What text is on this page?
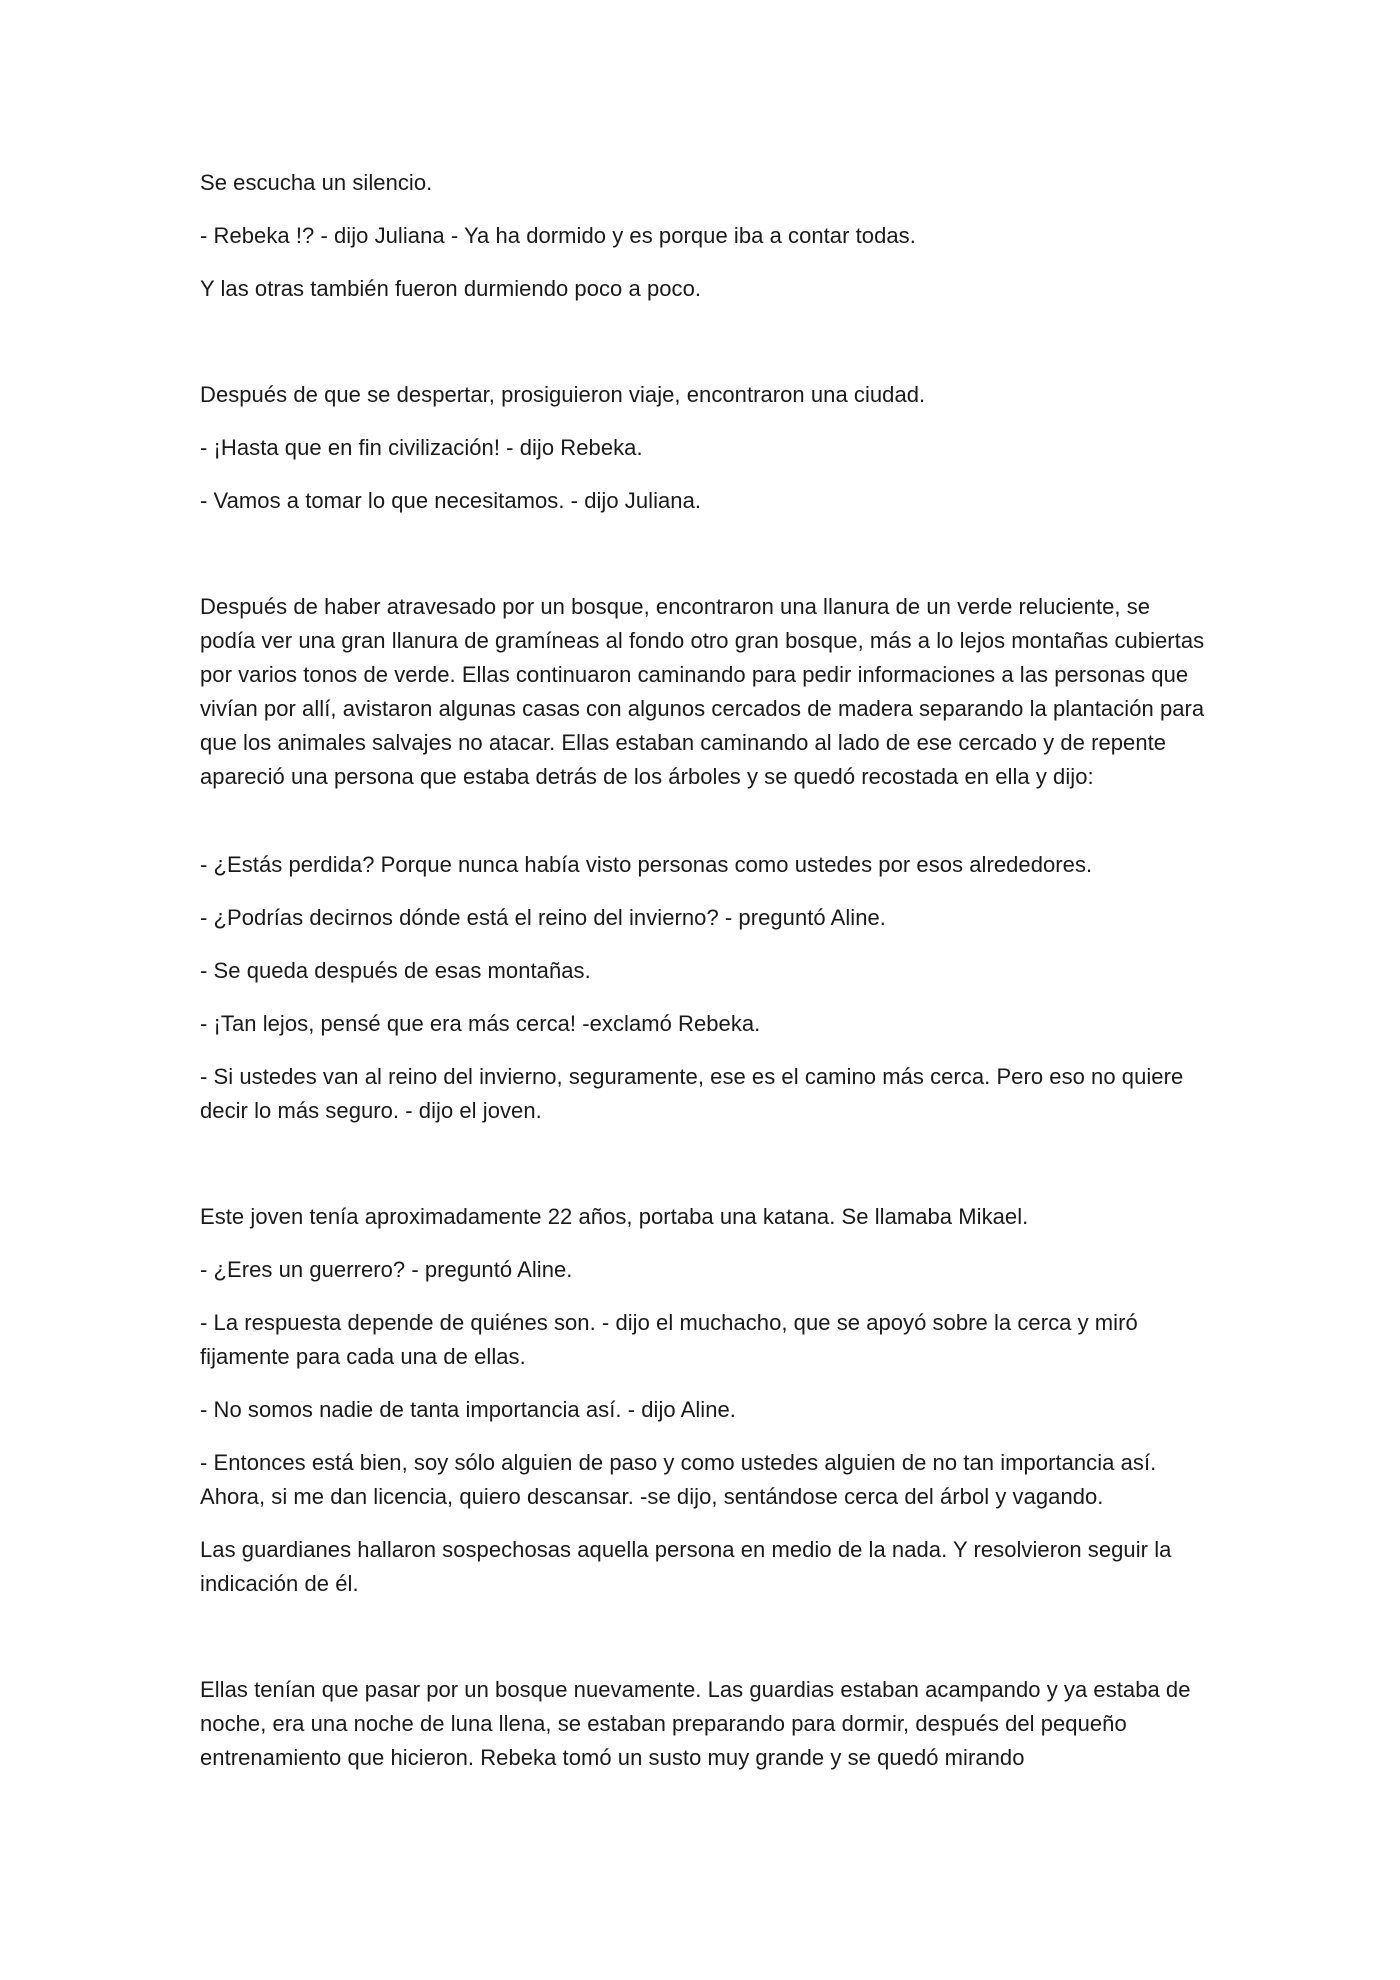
Se escucha un silencio.

- Rebeka !? - dijo Juliana - Ya ha dormido y es porque iba a contar todas.

Y las otras también fueron durmiendo poco a poco.

Después de que se despertar, prosiguieron viaje, encontraron una ciudad.

- ¡Hasta que en fin civilización! - dijo Rebeka.

- Vamos a tomar lo que necesitamos. - dijo Juliana.

Después de haber atravesado por un bosque, encontraron una llanura de un verde reluciente, se podía ver una gran llanura de gramíneas al fondo otro gran bosque, más a lo lejos montañas cubiertas por varios tonos de verde. Ellas continuaron caminando para pedir informaciones a las personas que vivían por allí, avistaron algunas casas con algunos cercados de madera separando la plantación para que los animales salvajes no atacar. Ellas estaban caminando al lado de ese cercado y de repente apareció una persona que estaba detrás de los árboles y se quedó recostada en ella y dijo:

- ¿Estás perdida? Porque nunca había visto personas como ustedes por esos alrededores.

- ¿Podrías decirnos dónde está el reino del invierno? - preguntó Aline.

- Se queda después de esas montañas.

- ¡Tan lejos, pensé que era más cerca! -exclamó Rebeka.

- Si ustedes van al reino del invierno, seguramente, ese es el camino más cerca. Pero eso no quiere decir lo más seguro. - dijo el joven.

Este joven tenía aproximadamente 22 años, portaba una katana. Se llamaba Mikael.

- ¿Eres un guerrero? - preguntó Aline.

- La respuesta depende de quiénes son. - dijo el muchacho, que se apoyó sobre la cerca y miró fijamente para cada una de ellas.

- No somos nadie de tanta importancia así. - dijo Aline.

- Entonces está bien, soy sólo alguien de paso y como ustedes alguien de no tan importancia así. Ahora, si me dan licencia, quiero descansar. -se dijo, sentándose cerca del árbol y vagando.

Las guardianes hallaron sospechosas aquella persona en medio de la nada. Y resolvieron seguir la indicación de él.

Ellas tenían que pasar por un bosque nuevamente. Las guardias estaban acampando y ya estaba de noche, era una noche de luna llena, se estaban preparando para dormir, después del pequeño entrenamiento que hicieron. Rebeka tomó un susto muy grande y se quedó mirando
